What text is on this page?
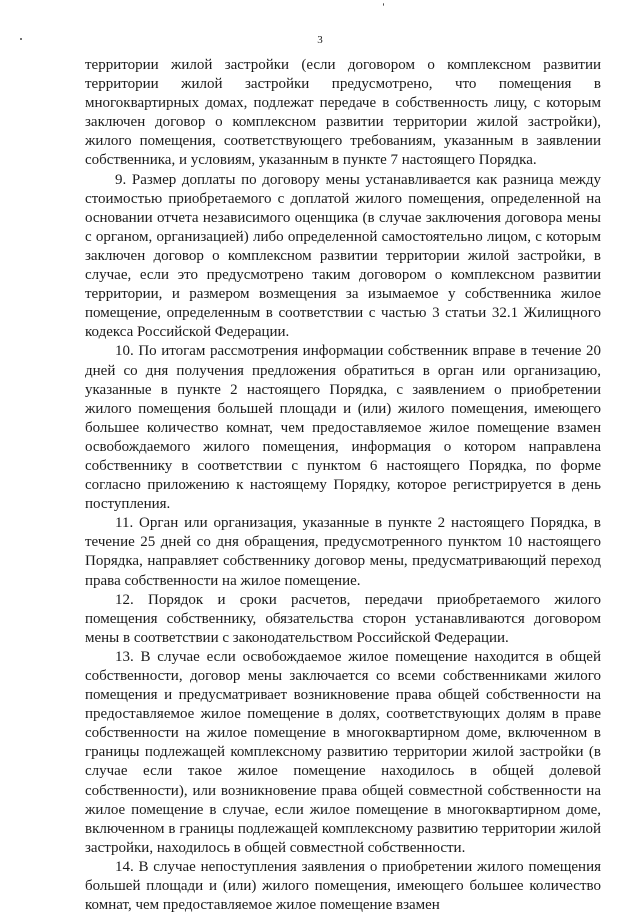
3

территории жилой застройки (если договором о комплексном развитии территории жилой застройки предусмотрено, что помещения в многоквартирных домах, подлежат передаче в собственность лицу, с которым заключен договор о комплексном развитии территории жилой застройки), жилого помещения, соответствующего требованиям, указанным в заявлении собственника, и условиям, указанным в пункте 7 настоящего Порядка.

9. Размер доплаты по договору мены устанавливается как разница между стоимостью приобретаемого с доплатой жилого помещения, определенной на основании отчета независимого оценщика (в случае заключения договора мены с органом, организацией) либо определенной самостоятельно лицом, с которым заключен договор о комплексном развитии территории жилой застройки, в случае, если это предусмотрено таким договором о комплексном развитии территории, и размером возмещения за изымаемое у собственника жилое помещение, определенным в соответствии с частью 3 статьи 32.1 Жилищного кодекса Российской Федерации.

10. По итогам рассмотрения информации собственник вправе в течение 20 дней со дня получения предложения обратиться в орган или организацию, указанные в пункте 2 настоящего Порядка, с заявлением о приобретении жилого помещения большей площади и (или) жилого помещения, имеющего большее количество комнат, чем предоставляемое жилое помещение взамен освобождаемого жилого помещения, информация о котором направлена собственнику в соответствии с пунктом 6 настоящего Порядка, по форме согласно приложению к настоящему Порядку, которое регистрируется в день поступления.

11. Орган или организация, указанные в пункте 2 настоящего Порядка, в течение 25 дней со дня обращения, предусмотренного пунктом 10 настоящего Порядка, направляет собственнику договор мены, предусматривающий переход права собственности на жилое помещение.

12. Порядок и сроки расчетов, передачи приобретаемого жилого помещения собственнику, обязательства сторон устанавливаются договором мены в соответствии с законодательством Российской Федерации.

13. В случае если освобождаемое жилое помещение находится в общей собственности, договор мены заключается со всеми собственниками жилого помещения и предусматривает возникновение права общей собственности на предоставляемое жилое помещение в долях, соответствующих долям в праве собственности на жилое помещение в многоквартирном доме, включенном в границы подлежащей комплексному развитию территории жилой застройки (в случае если такое жилое помещение находилось в общей долевой собственности), или возникновение права общей совместной собственности на жилое помещение в случае, если жилое помещение в многоквартирном доме, включенном в границы подлежащей комплексному развитию территории жилой застройки, находилось в общей совместной собственности.

14. В случае непоступления заявления о приобретении жилого помещения большей площади и (или) жилого помещения, имеющего большее количество комнат, чем предоставляемое жилое помещение взамен
